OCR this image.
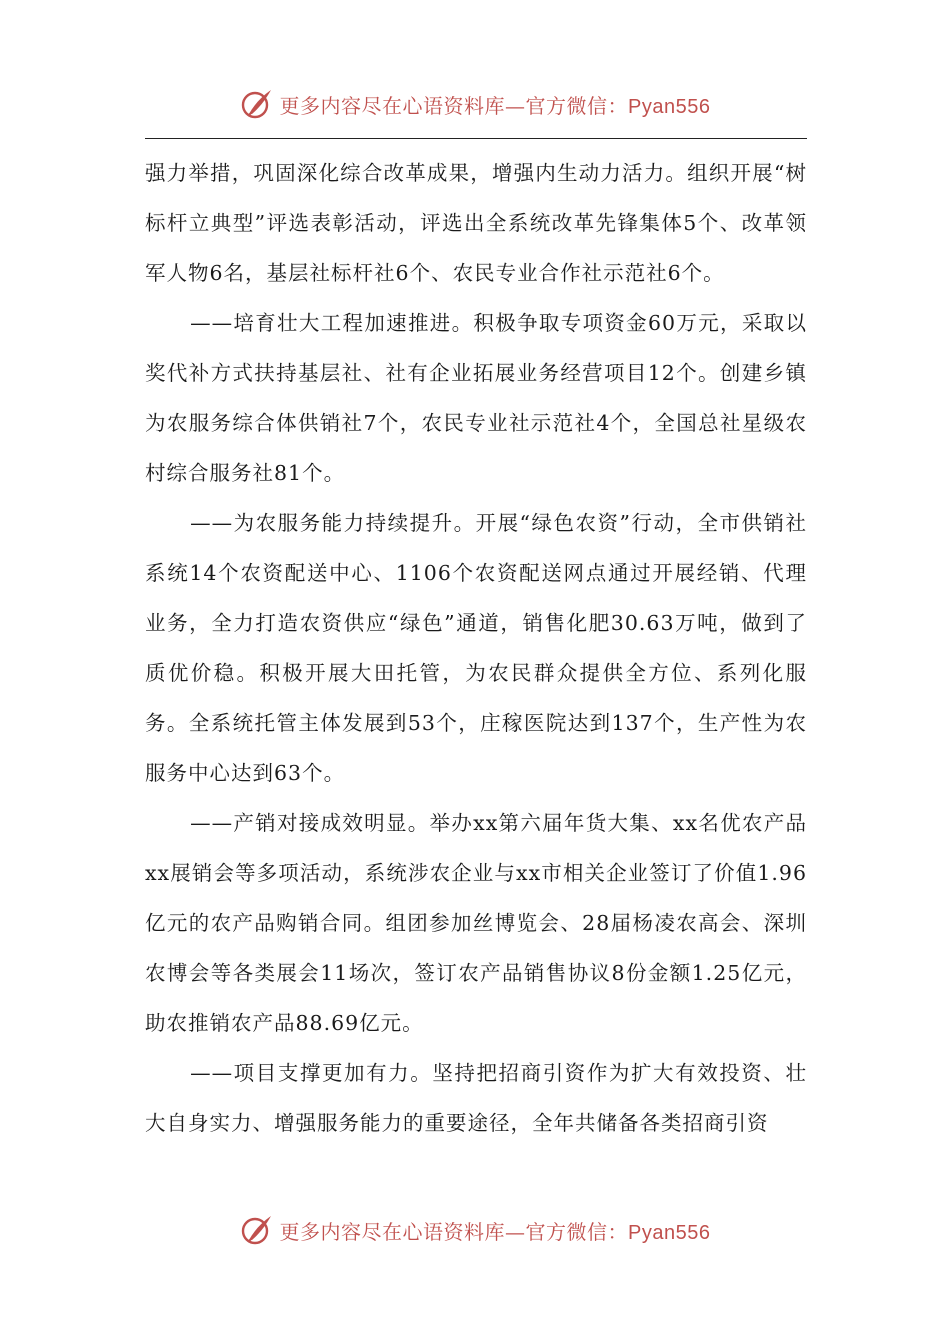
更多内容尽在心语资料库—官方微信：Pyan556

强力举措，巩固深化综合改革成果，增强内生动力活力。组织开展“树标杆立典型”评选表彰活动，评选出全系统改革先锋集体5个、改革领军人物6名，基层社标杆社6个、农民专业合作社示范社6个。

——培育壮大工程加速推进。积极争取专项资金60万元，采取以奖代补方式扶持基层社、社有企业拓展业务经营项目12个。创建乡镇为农服务综合体供销社7个，农民专业社示范社4个，全国总社星级农村综合服务社81个。

——为农服务能力持续提升。开展“绿色农资”行动，全市供销社系统14个农资配送中心、1106个农资配送网点通过开展经销、代理业务，全力打造农资供应“绿色”通道，销售化肥30.63万吨，做到了质优价稳。积极开展大田托管，为农民群众提供全方位、系列化服务。全系统托管主体发展到53个，庄稼医院达到137个，生产性为农服务中心达到63个。

——产销对接成效明显。举办xx第六届年货大集、xx名优农产品xx展销会等多项活动，系统涉农企业与xx市相关企业签订了价值1.96亿元的农产品购销合同。组团参加丝博览会、28届杨凌农高会、深圳农博会等各类展会11场次，签订农产品销售协议8份金额1.25亿元，助农推销农产品88.69亿元。

——项目支撑更加有力。坚持把招商引资作为扩大有效投资、壮大自身实力、增强服务能力的重要途径，全年共储备各类招商引资

更多内容尽在心语资料库—官方微信：Pyan556
